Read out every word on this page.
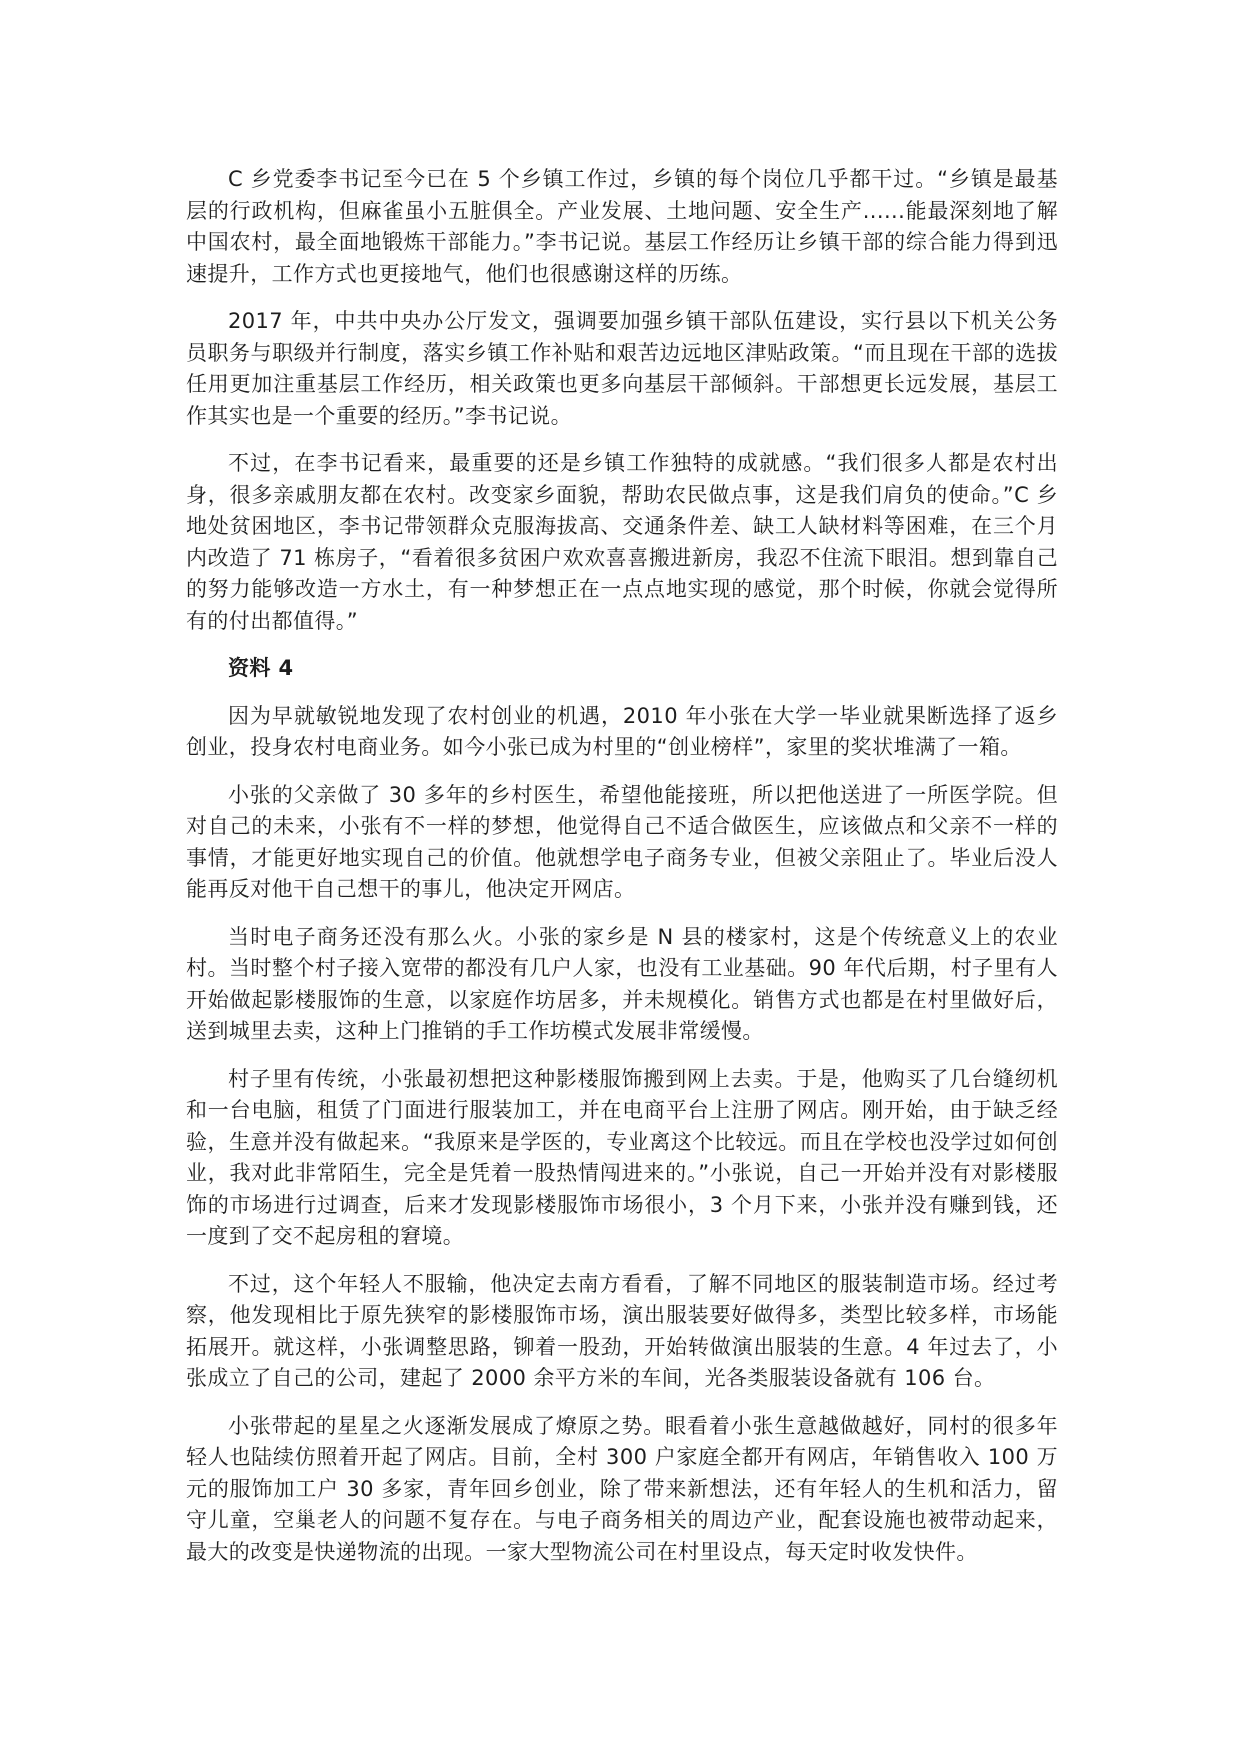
C 乡党委李书记至今已在 5 个乡镇工作过，乡镇的每个岗位几乎都干过。“乡镇是最基层的行政机构，但麻雀虽小五脏俱全。产业发展、土地问题、安全生产......能最深刻地了解中国农村，最全面地锻炼干部能力。”李书记说。基层工作经历让乡镇干部的综合能力得到迅速提升，工作方式也更接地气，他们也很感谢这样的历练。

2017 年，中共中央办公厅发文，强调要加强乡镇干部队伍建设，实行县以下机关公务员职务与职级并行制度，落实乡镇工作补贴和艰苦边远地区津贴政策。“而且现在干部的选拔任用更加注重基层工作经历，相关政策也更多向基层干部倾斜。干部想更长远发展，基层工作其实也是一个重要的经历。”李书记说。

不过，在李书记看来，最重要的还是乡镇工作独特的成就感。“我们很多人都是农村出身，很多亲戚朋友都在农村。改变家乡面貌，帮助农民做点事，这是我们肩负的使命。”C 乡地处贫困地区，李书记带领群众克服海拔高、交通条件差、缺工人缺材料等困难，在三个月内改造了 71 栋房子，“看着很多贫困户欢欢喜喜搬进新房，我忍不住流下眼泪。想到靠自己的努力能够改造一方水土，有一种梦想正在一点点地实现的感觉，那个时候，你就会觉得所有的付出都值得。”

资料 4

因为早就敏锐地发现了农村创业的机遇，2010 年小张在大学一毕业就果断选择了返乡创业，投身农村电商业务。如今小张已成为村里的“创业榜样”，家里的奖状堆满了一箱。

小张的父亲做了 30 多年的乡村医生，希望他能接班，所以把他送进了一所医学院。但对自己的未来，小张有不一样的梦想，他觉得自己不适合做医生，应该做点和父亲不一样的事情，才能更好地实现自己的价值。他就想学电子商务专业，但被父亲阻止了。毕业后没人能再反对他干自己想干的事儿，他决定开网店。

当时电子商务还没有那么火。小张的家乡是 N 县的楼家村，这是个传统意义上的农业村。当时整个村子接入宽带的都没有几户人家，也没有工业基础。90 年代后期，村子里有人开始做起影楼服饰的生意，以家庭作坊居多，并未规模化。销售方式也都是在村里做好后，送到城里去卖，这种上门推销的手工作坊模式发展非常缓慢。

村子里有传统，小张最初想把这种影楼服饰搬到网上去卖。于是，他购买了几台缝纫机和一台电脑，租赁了门面进行服装加工，并在电商平台上注册了网店。刚开始，由于缺乏经验，生意并没有做起来。“我原来是学医的，专业离这个比较远。而且在学校也没学过如何创业，我对此非常陌生，完全是凭着一股热情闯进来的。”小张说，自己一开始并没有对影楼服饰的市场进行过调查，后来才发现影楼服饰市场很小，3 个月下来，小张并没有赚到钱，还一度到了交不起房租的窘境。

不过，这个年轻人不服输，他决定去南方看看，了解不同地区的服装制造市场。经过考察，他发现相比于原先狭窄的影楼服饰市场，演出服装要好做得多，类型比较多样，市场能拓展开。就这样，小张调整思路，铆着一股劲，开始转做演出服装的生意。4 年过去了，小张成立了自己的公司，建起了 2000 余平方米的车间，光各类服装设备就有 106 台。

小张带起的星星之火逐渐发展成了燎原之势。眼看着小张生意越做越好，同村的很多年轻人也陆续仿照着开起了网店。目前，全村 300 户家庭全都开有网店，年销售收入 100 万元的服饰加工户 30 多家，青年回乡创业，除了带来新想法，还有年轻人的生机和活力，留守儿童，空巢老人的问题不复存在。与电子商务相关的周边产业，配套设施也被带动起来，最大的改变是快递物流的出现。一家大型物流公司在村里设点，每天定时收发快件。
